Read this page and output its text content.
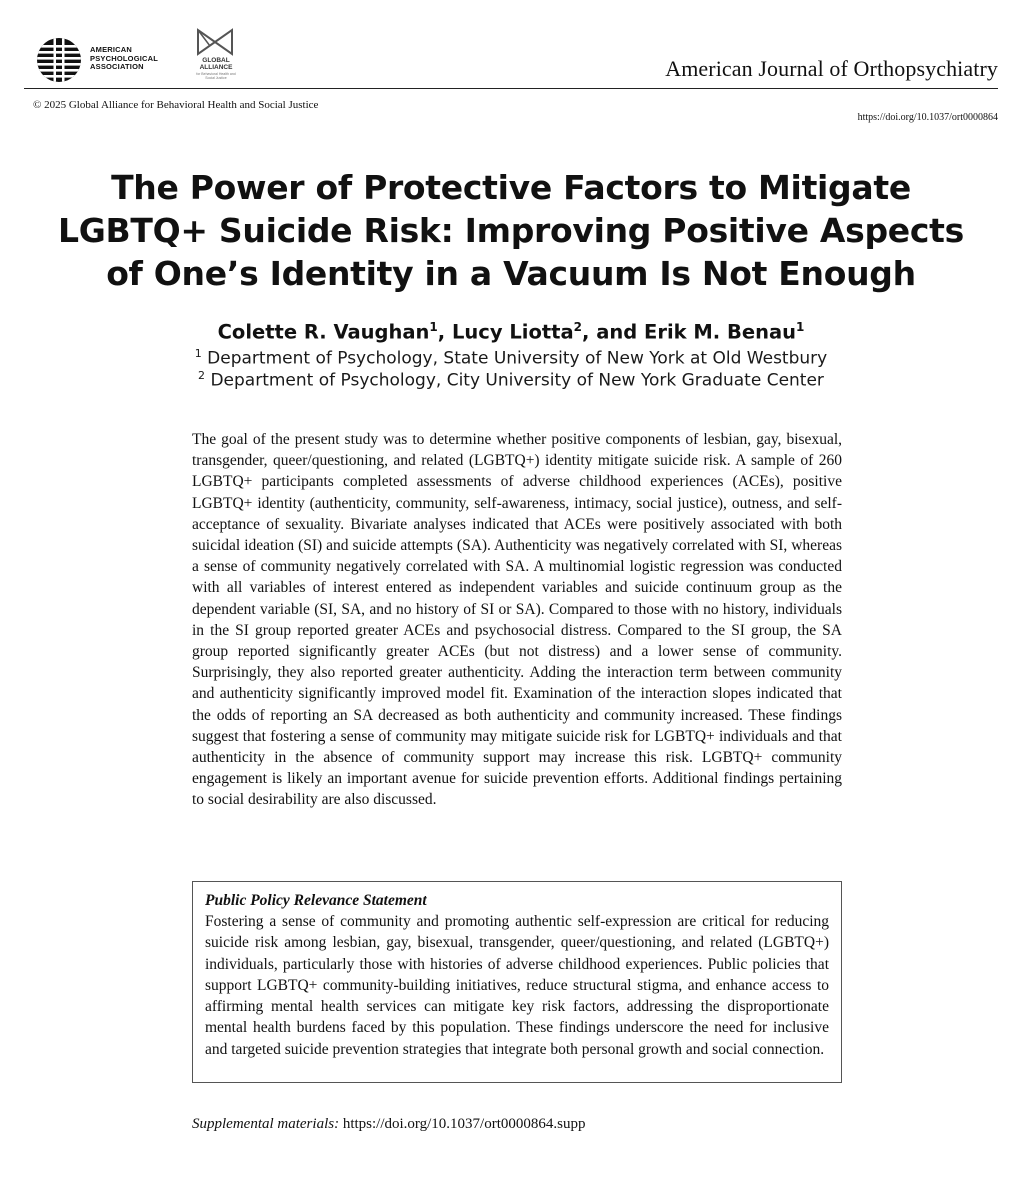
AMERICAN
PSYCHOLOGICAL
ASSOCIATION
GLOBAL
ALLIANCE
for Behavioral Health and Social Justice	American Journal of Orthopsychiatry
© 2025 Global Alliance for Behavioral Health and Social Justice
https://doi.org/10.1037/ort0000864
The Power of Protective Factors to Mitigate LGBTQ+ Suicide Risk: Improving Positive Aspects of One’s Identity in a Vacuum Is Not Enough
Colette R. Vaughan$^1$, Lucy Liotta$^2$, and Erik M. Benau$^1$
$^1$ Department of Psychology, State University of New York at Old Westbury
$^2$ Department of Psychology, City University of New York Graduate Center

The goal of the present study was to determine whether positive components of lesbian, gay, bisexual, transgender, queer/questioning, and related (LGBTQ+) identity mitigate suicide risk. A sample of 260 LGBTQ+ participants completed assessments of adverse childhood experiences (ACEs), positive LGBTQ+ identity (authenticity, community, self-awareness, intimacy, social justice), outness, and self-acceptance of sexuality. Bivariate analyses indicated that ACEs were positively associated with both suicidal ideation (SI) and suicide attempts (SA). Authenticity was negatively correlated with SI, whereas a sense of community negatively correlated with SA. A multinomial logistic regression was conducted with all variables of interest entered as independent variables and suicide continuum group as the dependent variable (SI, SA, and no history of SI or SA). Compared to those with no history, individuals in the SI group reported greater ACEs and psychosocial distress. Compared to the SI group, the SA group reported significantly greater ACEs (but not distress) and a lower sense of community. Surprisingly, they also reported greater authenticity. Adding the interaction term between community and authenticity significantly improved model fit. Examination of the interaction slopes indicated that the odds of reporting an SA decreased as both authenticity and community increased. These findings suggest that fostering a sense of community may mitigate suicide risk for LGBTQ+ individuals and that authenticity in the absence of community support may increase this risk. LGBTQ+ community engagement is likely an important avenue for suicide prevention efforts. Additional findings pertaining to social desirability are also discussed.

Public Policy Relevance Statement

Fostering a sense of community and promoting authentic self-expression are critical for reducing suicide risk among lesbian, gay, bisexual, transgender, queer/questioning, and related (LGBTQ+) individuals, particularly those with histories of adverse childhood experiences. Public policies that support LGBTQ+ community-building initiatives, reduce structural stigma, and enhance access to affirming mental health services can mitigate key risk factors, addressing the disproportionate mental health burdens faced by this population. These findings underscore the need for inclusive and targeted suicide prevention strategies that integrate both personal growth and social connection.

Supplemental materials: https://doi.org/10.1037/ort0000864.supp
